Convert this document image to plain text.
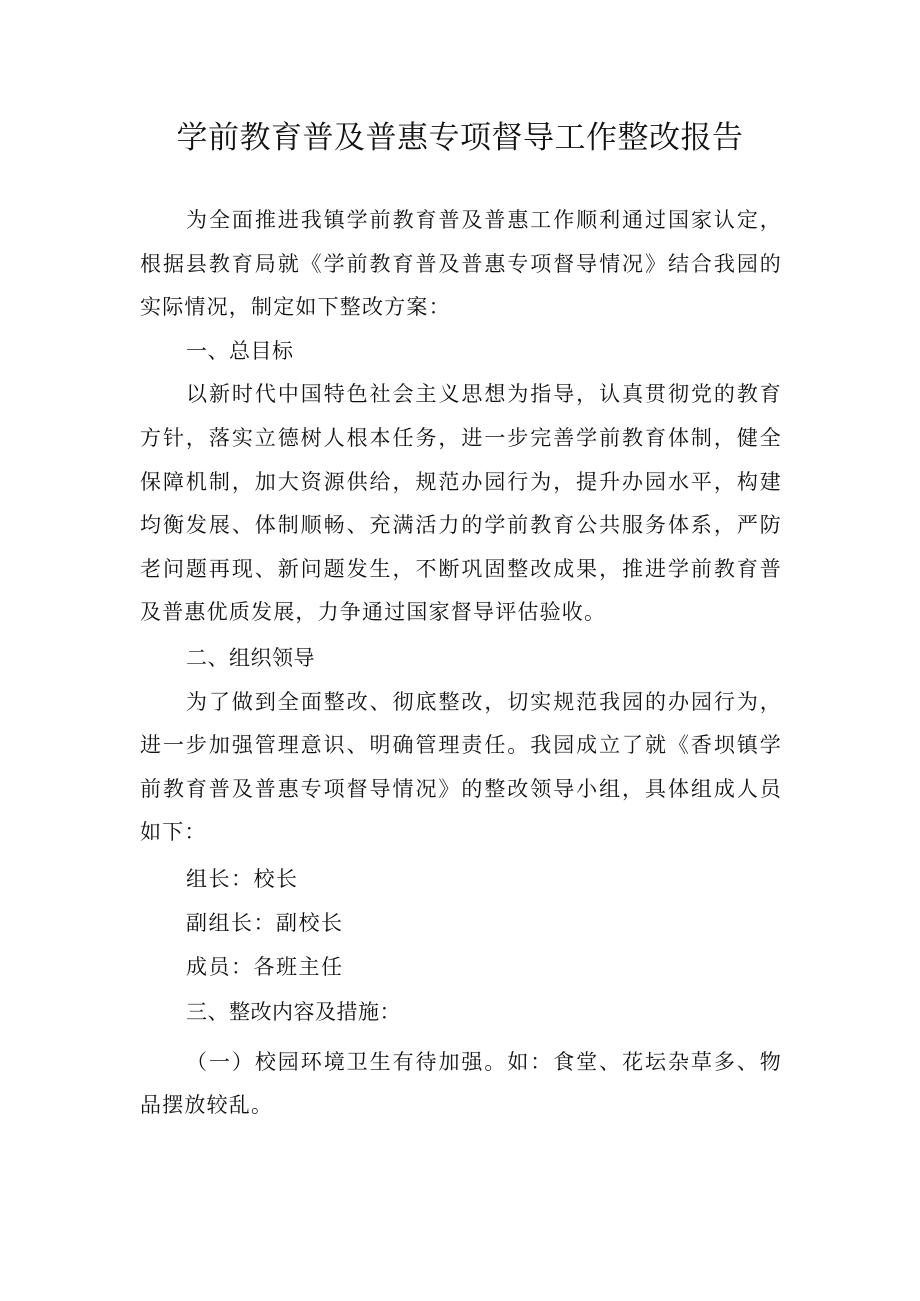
学前教育普及普惠专项督导工作整改报告

为全面推进我镇学前教育普及普惠工作顺利通过国家认定，根据县教育局就《学前教育普及普惠专项督导情况》结合我园的实际情况，制定如下整改方案：

一、总目标

以新时代中国特色社会主义思想为指导，认真贯彻党的教育方针，落实立德树人根本任务，进一步完善学前教育体制，健全保障机制，加大资源供给，规范办园行为，提升办园水平，构建均衡发展、体制顺畅、充满活力的学前教育公共服务体系，严防老问题再现、新问题发生，不断巩固整改成果，推进学前教育普及普惠优质发展，力争通过国家督导评估验收。

二、组织领导

为了做到全面整改、彻底整改，切实规范我园的办园行为，进一步加强管理意识、明确管理责任。我园成立了就《香坝镇学前教育普及普惠专项督导情况》的整改领导小组，具体组成人员如下：

组长：校长

副组长：副校长

成员：各班主任

三、整改内容及措施：

（一）校园环境卫生有待加强。如：食堂、花坛杂草多、物品摆放较乱。
